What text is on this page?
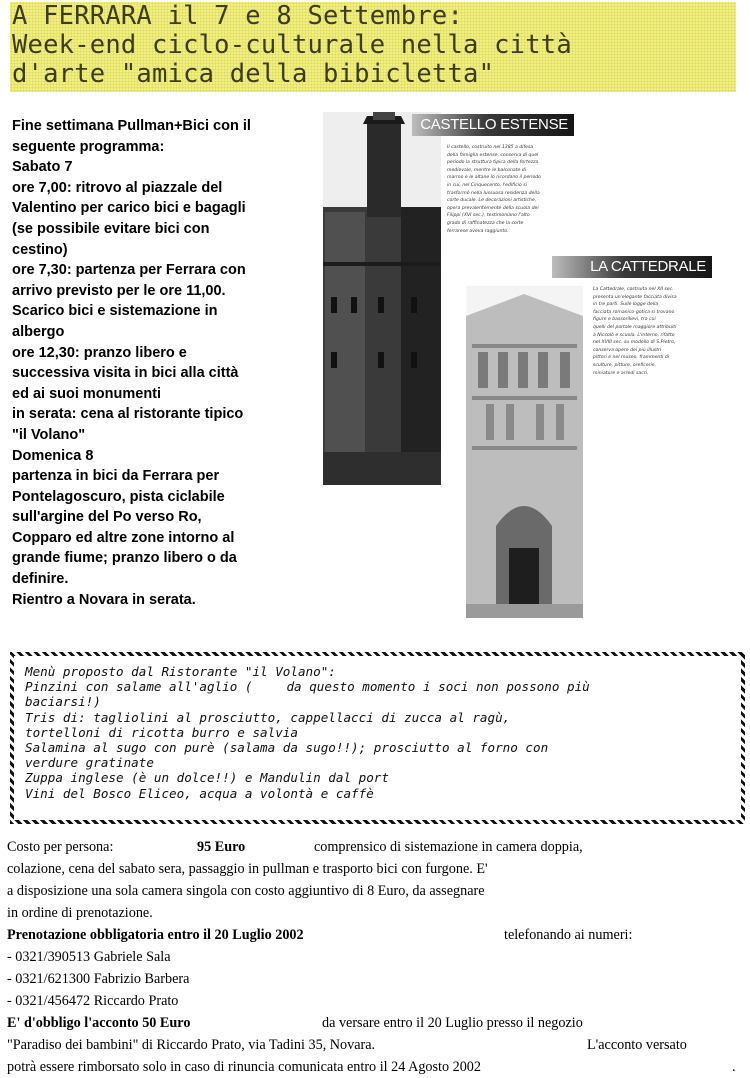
A FERRARA il 7 e 8 Settembre:
Week-end ciclo-culturale nella città
d'arte "amica della bibicletta"
Fine settimana Pullman+Bici con il
seguente programma:
Sabato 7
ore 7,00: ritrovo al piazzale del
Valentino per carico bici e bagagli
(se possibile evitare bici con
cestino)
ore 7,30: partenza per Ferrara con
arrivo previsto per le ore 11,00.
Scarico bici e sistemazione in
albergo
ore 12,30: pranzo libero e
successiva visita in bici alla città
ed ai suoi monumenti
in serata: cena al ristorante tipico
"il Volano"
Domenica 8
partenza in bici da Ferrara per
Pontelagoscuro, pista ciclabile
sull'argine del Po verso Ro,
Copparo ed altre zone intorno al
grande fiume; pranzo libero o da
definire.
Rientro a Novara in serata.
CASTELLO ESTENSE
Il castello, costruito nel 1385 a difesa
della famiglia estense, conserva di quel
periodo la struttura tipica della fortezza
medievale, mentre le balconate di
marmo e le altane lo ricordano il periodo
in cui, nel Cinquecento, l'edificio si
trasformò nella lussuosa residenza della
corte ducale. Le decorazioni artistiche,
opera prevalentemente della scuola dei
Filippi (XVI sec.), testimoniano l'alto
grado di raffinatezza che la corte
ferrarese aveva raggiunto.
LA CATTEDRALE
La Cattedrale, costruita nel XII sec.
presenta un'elegante facciata divisa
in tre parti. Sulle logge della
facciata romanico-gotica si trovano
figure e bassorilievi, tra cui
quelli del portale maggiore attribuiti
a Niccolò e scuola. L'interno, rifatto
nel XVIII sec. su modello di S.Pietro,
conserva opere dei più illustri
pittori e nel museo, frammenti di
sculture, pitture, oreficerie,
miniature e arredi sacri.
Menù proposto dal Ristorante "il Volano":
Pinzini con salame all'aglio (	da questo momento i soci non possono più
baciarsi!)
Tris di: tagliolini al prosciutto, cappellacci di zucca al ragù,
tortelloni di ricotta burro e salvia
Salamina al sugo con purè (salama da sugo!!); prosciutto al forno con
verdure gratinate
Zuppa inglese (è un dolce!!) e Mandulin dal port
Vini del Bosco Eliceo, acqua a volontà e caffè
Costo per persona:	95 Euro	comprensico di sistemazione in camera doppia,
colazione, cena del sabato sera, passaggio in pullman e trasporto bici con furgone. E'
a disposizione una sola camera singola con costo aggiuntivo di 8 Euro, da assegnare
in ordine di prenotazione.
Prenotazione obbligatoria entro il 20 Luglio 2002	telefonando ai numeri:
- 0321/390513 Gabriele Sala
- 0321/621300 Fabrizio Barbera
- 0321/456472 Riccardo Prato
E' d'obbligo l'acconto 50 Euro	da versare entro il 20 Luglio presso il negozio
"Paradiso dei bambini" di Riccardo Prato, via Tadini 35, Novara.	L'acconto versato
potrà essere rimborsato solo in caso di rinuncia comunicata entro il 24 Agosto 2002	.
